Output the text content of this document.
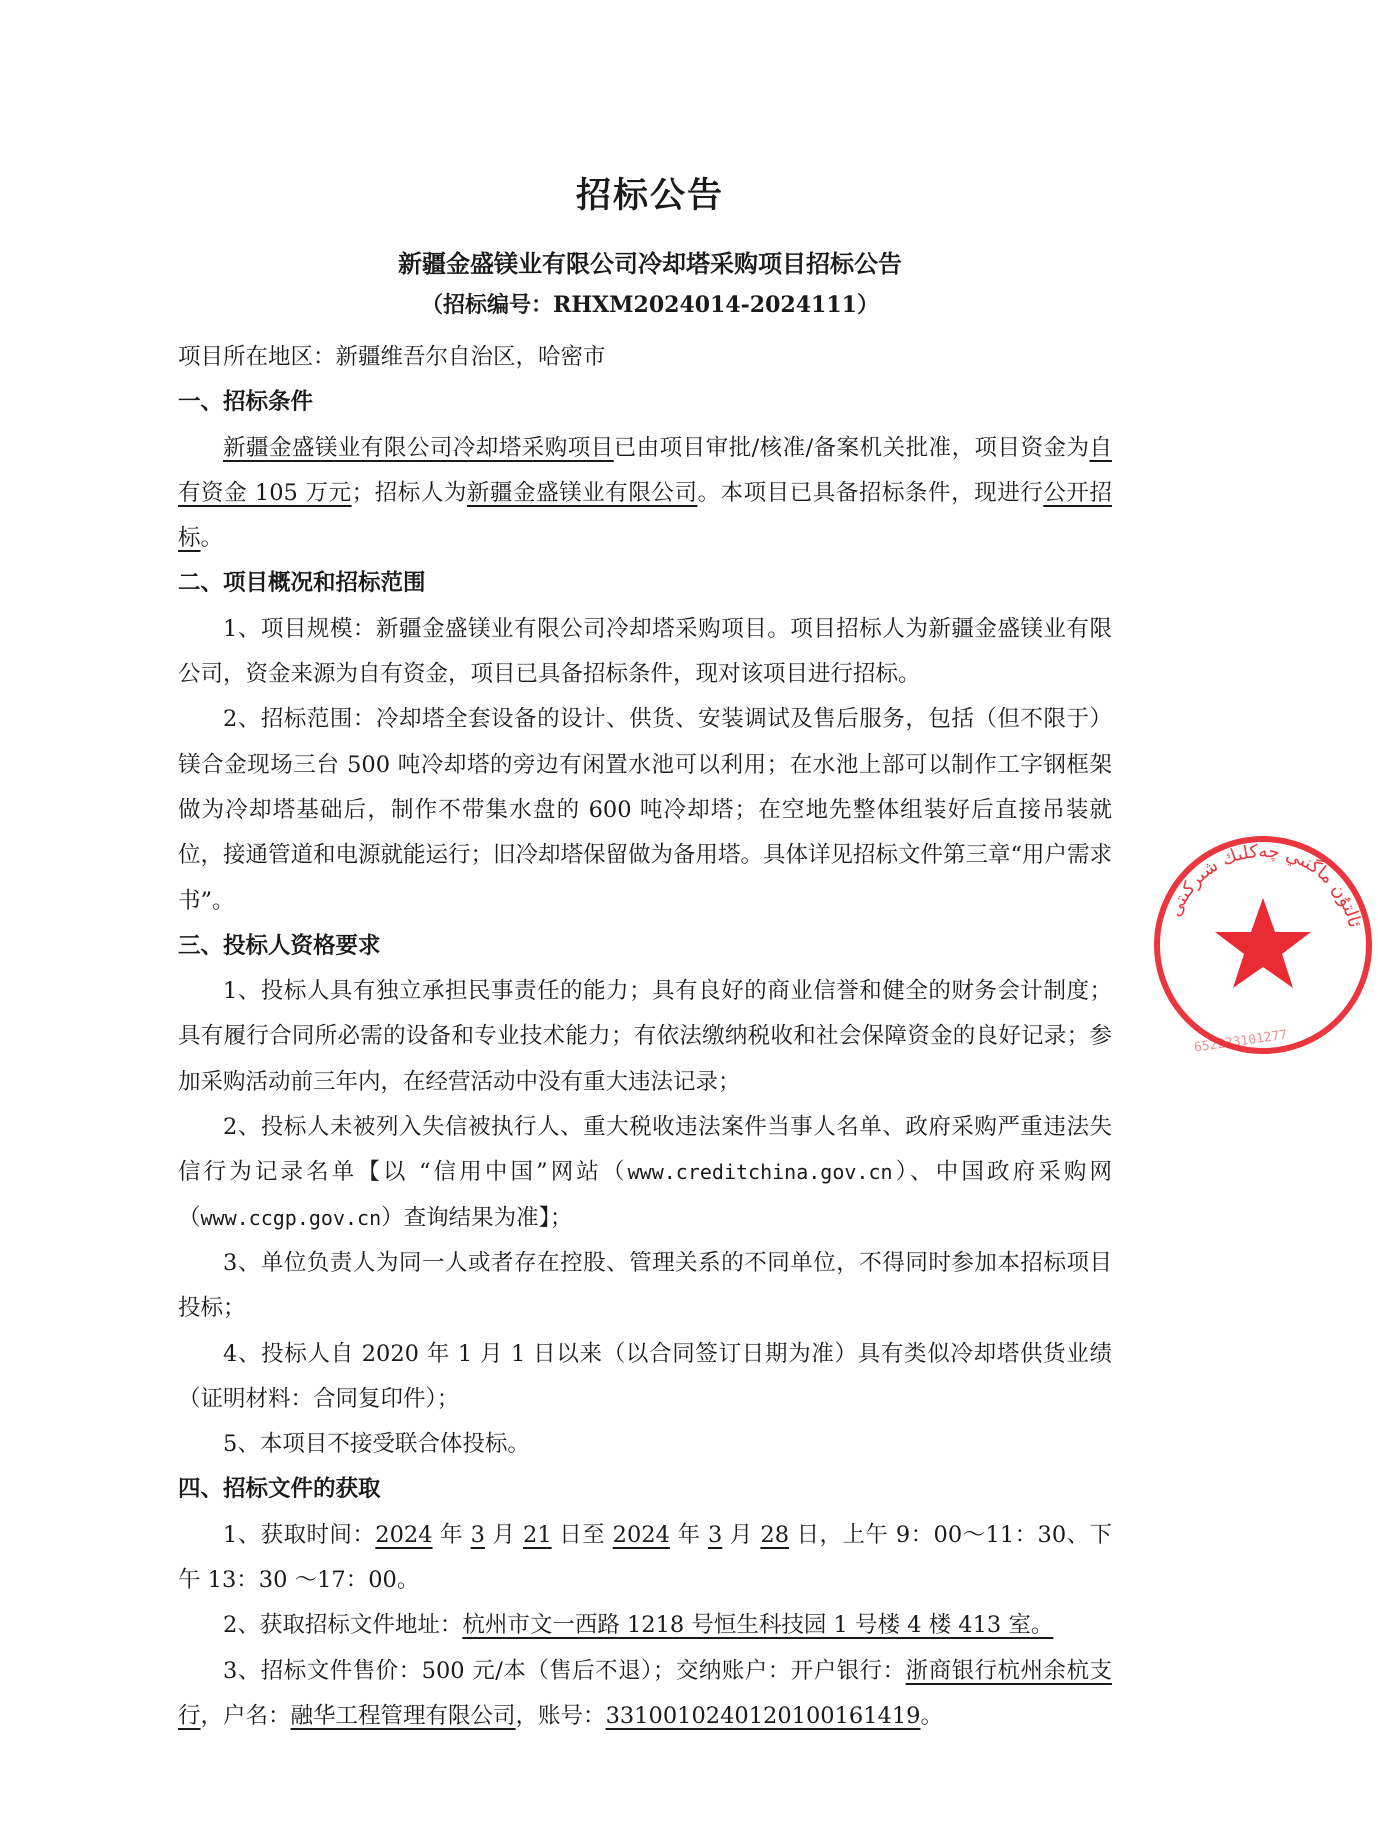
招标公告
新疆金盛镁业有限公司冷却塔采购项目招标公告
（招标编号：RHXM2024014-2024111）

项目所在地区：新疆维吾尔自治区，哈密市

一、招标条件

新疆金盛镁业有限公司冷却塔采购项目已由项目审批/核准/备案机关批准，项目资金为自有资金 105 万元；招标人为新疆金盛镁业有限公司。本项目已具备招标条件，现进行公开招标。

二、项目概况和招标范围

1、项目规模：新疆金盛镁业有限公司冷却塔采购项目。项目招标人为新疆金盛镁业有限公司，资金来源为自有资金，项目已具备招标条件，现对该项目进行招标。

2、招标范围：冷却塔全套设备的设计、供货、安装调试及售后服务，包括（但不限于）镁合金现场三台 500 吨冷却塔的旁边有闲置水池可以利用；在水池上部可以制作工字钢框架做为冷却塔基础后，制作不带集水盘的 600 吨冷却塔；在空地先整体组装好后直接吊装就位，接通管道和电源就能运行；旧冷却塔保留做为备用塔。具体详见招标文件第三章“用户需求书”。

三、投标人资格要求

1、投标人具有独立承担民事责任的能力；具有良好的商业信誉和健全的财务会计制度；具有履行合同所必需的设备和专业技术能力；有依法缴纳税收和社会保障资金的良好记录；参加采购活动前三年内，在经营活动中没有重大违法记录；

2、投标人未被列入失信被执行人、重大税收违法案件当事人名单、政府采购严重违法失信行为记录名单【以 “信用中国”网站（www.creditchina.gov.cn）、中国政府采购网（www.ccgp.gov.cn）查询结果为准】；

3、单位负责人为同一人或者存在控股、管理关系的不同单位，不得同时参加本招标项目投标；

4、投标人自 2020 年 1 月 1 日以来（以合同签订日期为准）具有类似冷却塔供货业绩（证明材料：合同复印件）；

5、本项目不接受联合体投标。

四、招标文件的获取

1、获取时间：2024 年 3 月 21 日至 2024 年 3 月 28 日，上午 9：00～11：30、下午 13：30 ～17：00。

2、获取招标文件地址：杭州市文一西路 1218 号恒生科技园 1 号楼 4 楼 413 室。

3、招标文件售价：500 元/本（售后不退）；交纳账户：开户银行：浙商银行杭州余杭支行，户名：融华工程管理有限公司，账号：3310010240120100161419。

ئالتۇن ماگنىي چەكلىك شىركىتى
652223101277
